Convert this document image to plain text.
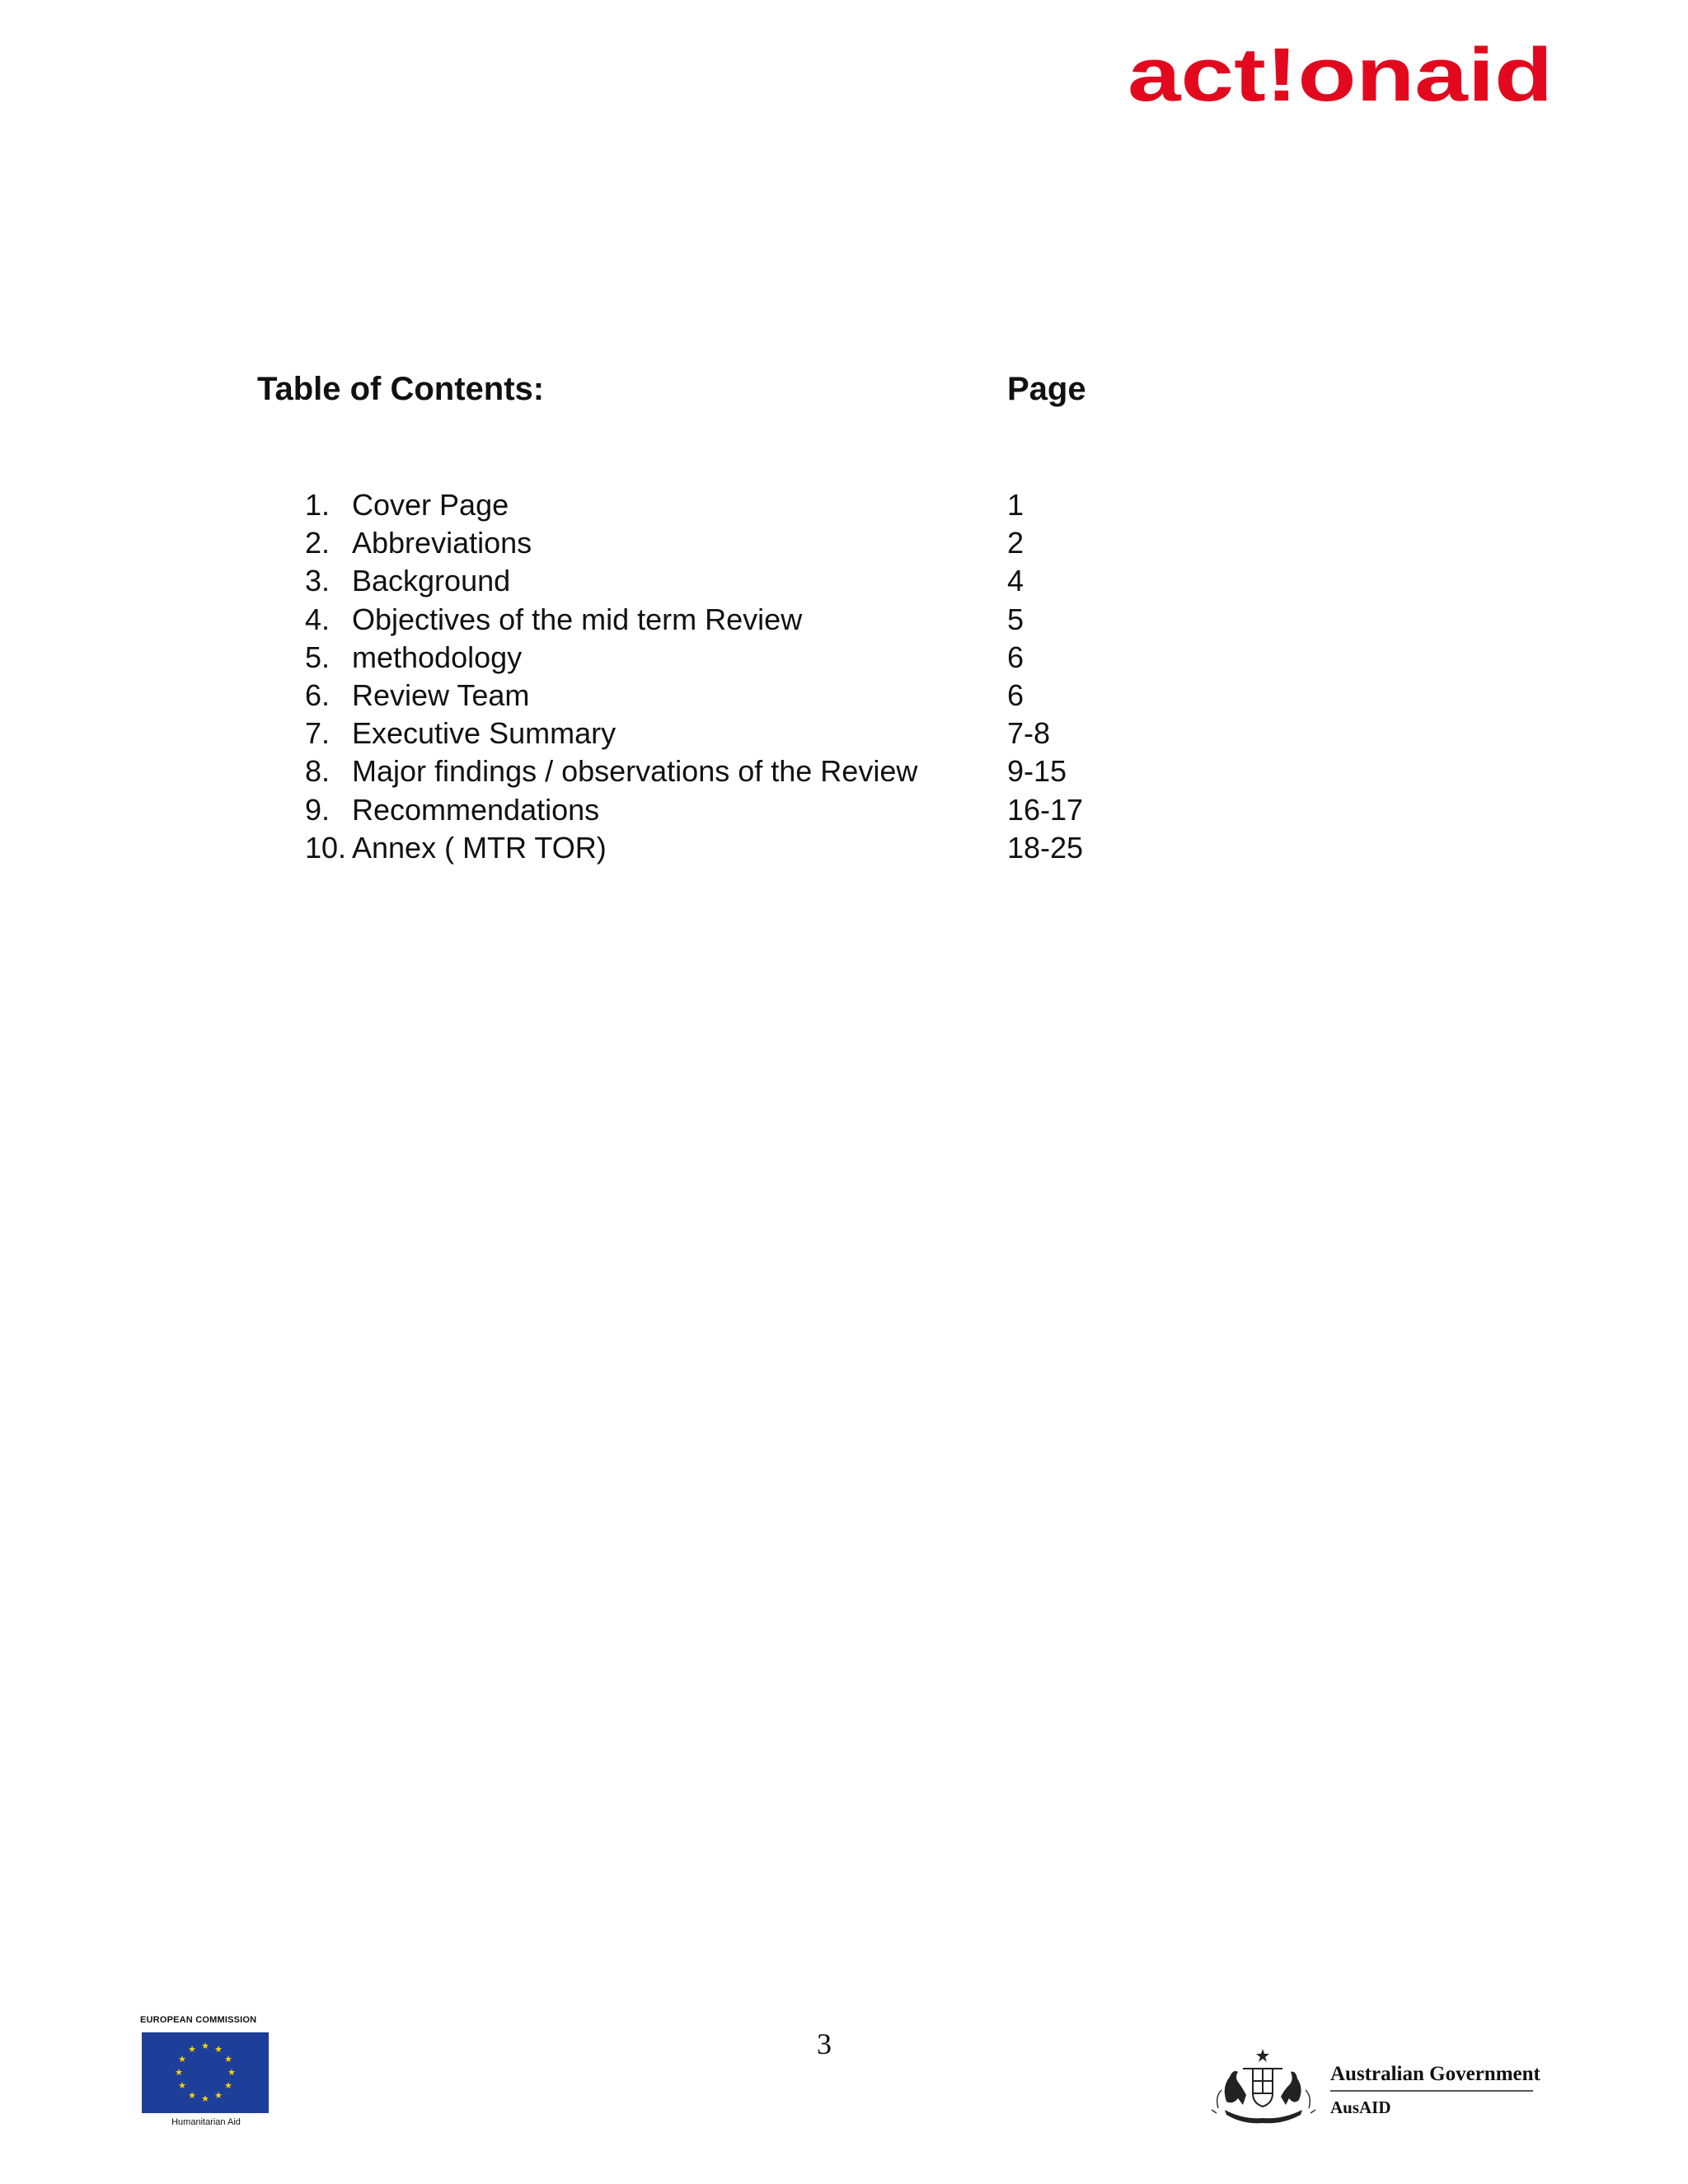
act!onaid
Table of Contents:	Page
1. Cover Page	1
2. Abbreviations	2
3. Background	4
4. Objectives of the mid term Review	5
5. methodology	6
6. Review Team	6
7. Executive Summary	7-8
8. Major findings / observations of the Review	9-15
9. Recommendations	16-17
10. Annex ( MTR TOR)	18-25
3
EUROPEAN COMMISSION
★ ★
★
★
★
★
★
★
★
★
★
★
Humanitarian Aid
Australian Government
AusAID
